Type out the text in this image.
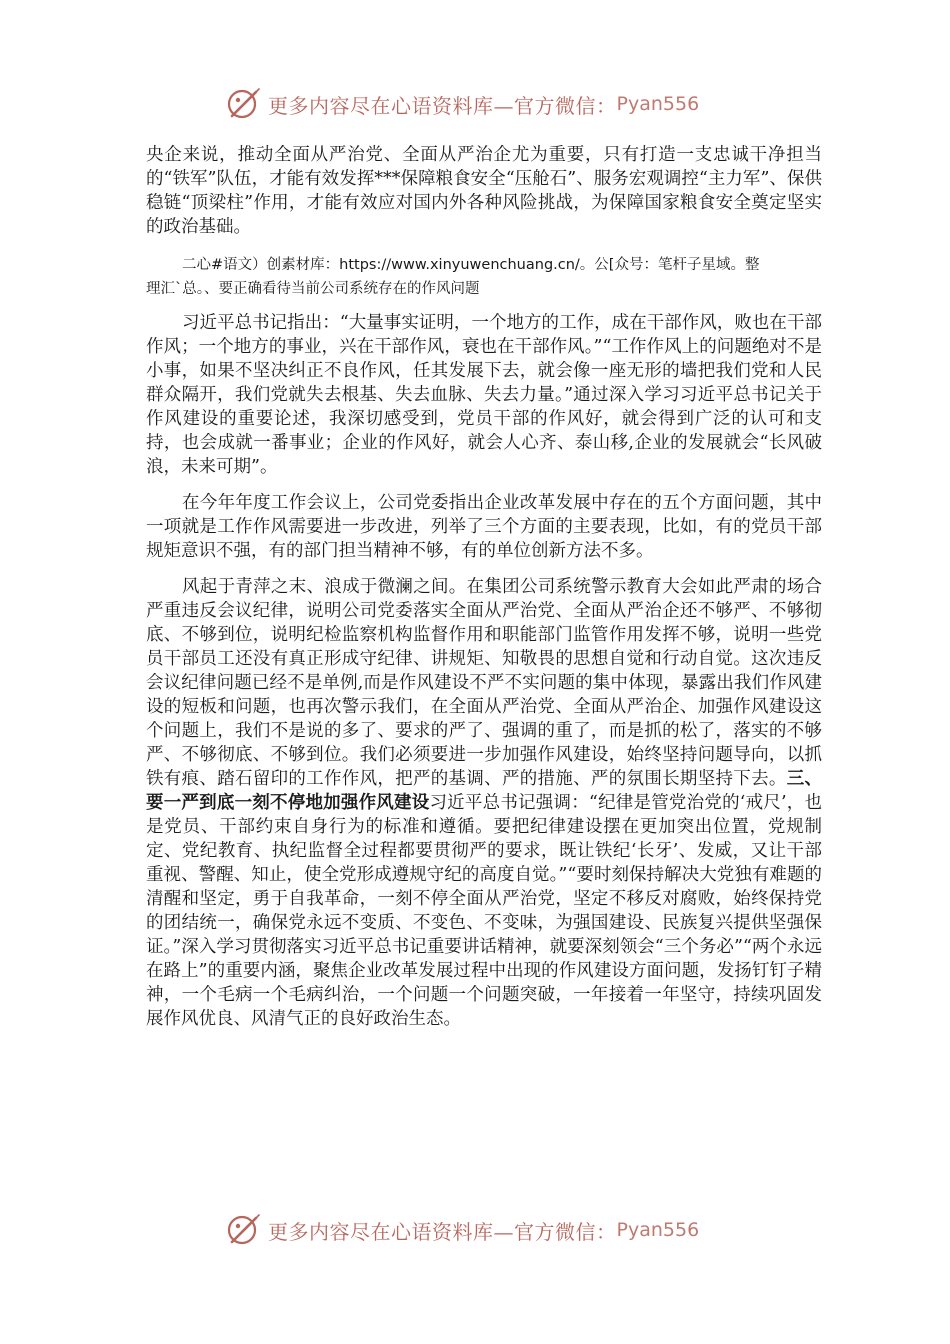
更多内容尽在心语资料库—官方微信： Pyan556

央企来说，推动全面从严治党、全面从严治企尤为重要，只有打造一支忠诚干净担当的“铁军”队伍，才能有效发挥***保障粮食安全“压舱石”、服务宏观调控“主力军”、保供稳链“顶梁柱”作用，才能有效应对国内外各种风险挑战，为保障国家粮食安全奠定坚实的政治基础。

二心#语文）创素材库：https://www.xinyuwenchuang.cn/。公[众号：笔杆子星域。整
理汇`总。、要正确看待当前公司系统存在的作风问题

习近平总书记指出：“大量事实证明，一个地方的工作，成在干部作风，败也在干部作风；一个地方的事业，兴在干部作风，衰也在干部作风。”“工作作风上的问题绝对不是小事，如果不坚决纠正不良作风，任其发展下去，就会像一座无形的墙把我们党和人民群众隔开，我们党就失去根基、失去血脉、失去力量。”通过深入学习习近平总书记关于作风建设的重要论述，我深切感受到，党员干部的作风好，就会得到广泛的认可和支持，也会成就一番事业；企业的作风好，就会人心齐、泰山移,企业的发展就会“长风破浪，未来可期”。

在今年年度工作会议上，公司党委指出企业改革发展中存在的五个方面问题，其中一项就是工作作风需要进一步改进，列举了三个方面的主要表现，比如，有的党员干部规矩意识不强，有的部门担当精神不够，有的单位创新方法不多。

风起于青萍之末、浪成于微澜之间。在集团公司系统警示教育大会如此严肃的场合严重违反会议纪律，说明公司党委落实全面从严治党、全面从严治企还不够严、不够彻底、不够到位，说明纪检监察机构监督作用和职能部门监管作用发挥不够，说明一些党员干部员工还没有真正形成守纪律、讲规矩、知敬畏的思想自觉和行动自觉。这次违反会议纪律问题已经不是单例,而是作风建设不严不实问题的集中体现，暴露出我们作风建设的短板和问题，也再次警示我们，在全面从严治党、全面从严治企、加强作风建设这个问题上，我们不是说的多了、要求的严了、强调的重了，而是抓的松了，落实的不够严、不够彻底、不够到位。我们必须要进一步加强作风建设，始终坚持问题导向，以抓铁有痕、踏石留印的工作作风，把严的基调、严的措施、严的氛围长期坚持下去。三、要一严到底一刻不停地加强作风建设习近平总书记强调：“纪律是管党治党的‘戒尺’，也是党员、干部约束自身行为的标准和遵循。要把纪律建设摆在更加突出位置，党规制定、党纪教育、执纪监督全过程都要贯彻严的要求，既让铁纪‘长牙’、发威，又让干部重视、警醒、知止，使全党形成遵规守纪的高度自觉。”“要时刻保持解决大党独有难题的清醒和坚定，勇于自我革命，一刻不停全面从严治党，坚定不移反对腐败，始终保持党的团结统一，确保党永远不变质、不变色、不变味，为强国建设、民族复兴提供坚强保证。”深入学习贯彻落实习近平总书记重要讲话精神，就要深刻领会“三个务必”“两个永远在路上”的重要内涵，聚焦企业改革发展过程中出现的作风建设方面问题，发扬钉钉子精神，一个毛病一个毛病纠治，一个问题一个问题突破，一年接着一年坚守，持续巩固发展作风优良、风清气正的良好政治生态。

更多内容尽在心语资料库—官方微信： Pyan556
